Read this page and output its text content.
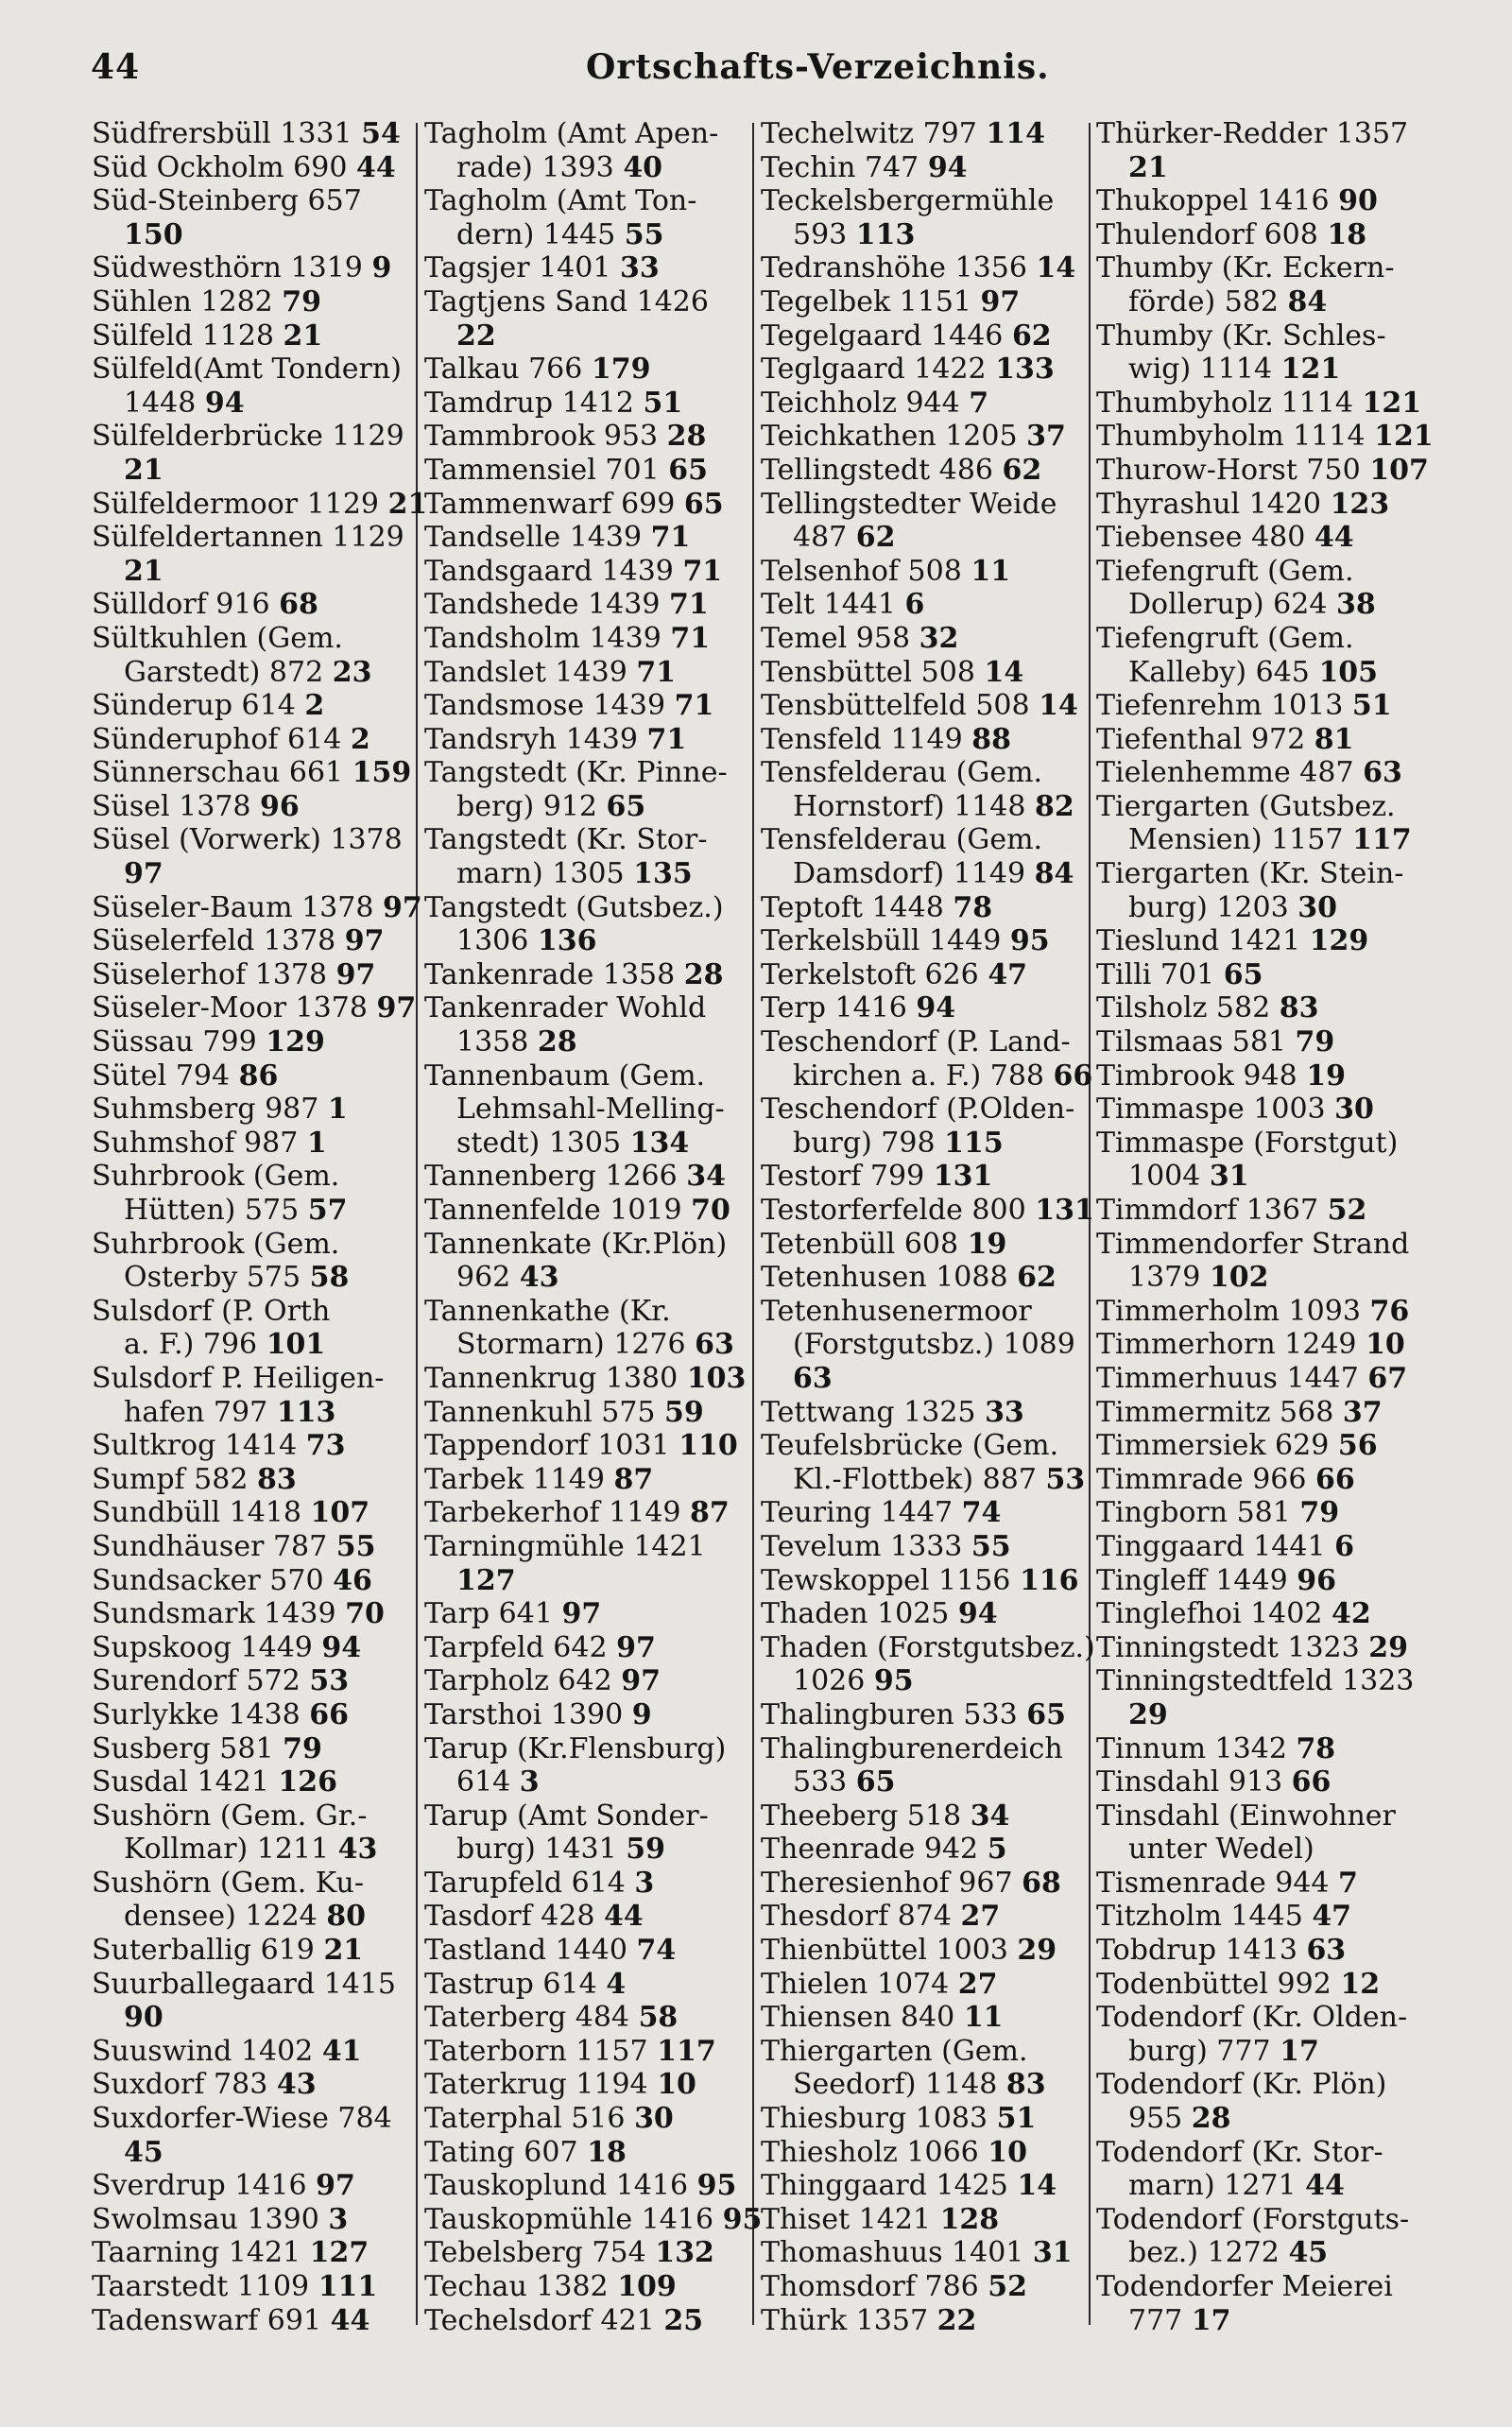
44	Ortschafts-Verzeichnis.
Südfrersbüll 1331 54
Süd Ockholm 690 44
Süd-Steinberg 657
150
Südwesthörn 1319 9
Sühlen 1282 79
Sülfeld 1128 21
Sülfeld(Amt Tondern)
1448 94
Sülfelderbrücke 1129
21
Sülfeldermoor 1129 21
Sülfeldertannen 1129
21
Sülldorf 916 68
Sültkuhlen (Gem.
Garstedt) 872 23
Sünderup 614 2
Sünderuphof 614 2
Sünnerschau 661 159
Süsel 1378 96
Süsel (Vorwerk) 1378
97
Süseler-Baum 1378 97
Süselerfeld 1378 97
Süselerhof 1378 97
Süseler-Moor 1378 97
Süssau 799 129
Sütel 794 86
Suhmsberg 987 1
Suhmshof 987 1
Suhrbrook (Gem.
Hütten) 575 57
Suhrbrook (Gem.
Osterby 575 58
Sulsdorf (P. Orth
a. F.) 796 101
Sulsdorf P. Heiligen-
hafen 797 113
Sultkrog 1414 73
Sumpf 582 83
Sundbüll 1418 107
Sundhäuser 787 55
Sundsacker 570 46
Sundsmark 1439 70
Supskoog 1449 94
Surendorf 572 53
Surlykke 1438 66
Susberg 581 79
Susdal 1421 126
Sushörn (Gem. Gr.-
Kollmar) 1211 43
Sushörn (Gem. Ku-
densee) 1224 80
Suterballig 619 21
Suurballegaard 1415
90
Suuswind 1402 41
Suxdorf 783 43
Suxdorfer-Wiese 784
45
Sverdrup 1416 97
Swolmsau 1390 3
Taarning 1421 127
Taarstedt 1109 111
Tadenswarf 691 44
Tagholm (Amt Apen-
rade) 1393 40
Tagholm (Amt Ton-
dern) 1445 55
Tagsjer 1401 33
Tagtjens Sand 1426
22
Talkau 766 179
Tamdrup 1412 51
Tammbrook 953 28
Tammensiel 701 65
Tammenwarf 699 65
Tandselle 1439 71
Tandsgaard 1439 71
Tandshede 1439 71
Tandsholm 1439 71
Tandslet 1439 71
Tandsmose 1439 71
Tandsryh 1439 71
Tangstedt (Kr. Pinne-
berg) 912 65
Tangstedt (Kr. Stor-
marn) 1305 135
Tangstedt (Gutsbez.)
1306 136
Tankenrade 1358 28
Tankenrader Wohld
1358 28
Tannenbaum (Gem.
Lehmsahl-Melling-
stedt) 1305 134
Tannenberg 1266 34
Tannenfelde 1019 70
Tannenkate (Kr.Plön)
962 43
Tannenkathe (Kr.
Stormarn) 1276 63
Tannenkrug 1380 103
Tannenkuhl 575 59
Tappendorf 1031 110
Tarbek 1149 87
Tarbekerhof 1149 87
Tarningmühle 1421
127
Tarp 641 97
Tarpfeld 642 97
Tarpholz 642 97
Tarsthoi 1390 9
Tarup (Kr.Flensburg)
614 3
Tarup (Amt Sonder-
burg) 1431 59
Tarupfeld 614 3
Tasdorf 428 44
Tastland 1440 74
Tastrup 614 4
Taterberg 484 58
Taterborn 1157 117
Taterkrug 1194 10
Taterphal 516 30
Tating 607 18
Tauskoplund 1416 95
Tauskopmühle 1416 95
Tebelsberg 754 132
Techau 1382 109
Techelsdorf 421 25
Techelwitz 797 114
Techin 747 94
Teckelsbergermühle
593 113
Tedranshöhe 1356 14
Tegelbek 1151 97
Tegelgaard 1446 62
Teglgaard 1422 133
Teichholz 944 7
Teichkathen 1205 37
Tellingstedt 486 62
Tellingstedter Weide
487 62
Telsenhof 508 11
Telt 1441 6
Temel 958 32
Tensbüttel 508 14
Tensbüttelfeld 508 14
Tensfeld 1149 88
Tensfelderau (Gem.
Hornstorf) 1148 82
Tensfelderau (Gem.
Damsdorf) 1149 84
Teptoft 1448 78
Terkelsbüll 1449 95
Terkelstoft 626 47
Terp 1416 94
Teschendorf (P. Land-
kirchen a. F.) 788 66
Teschendorf (P.Olden-
burg) 798 115
Testorf 799 131
Testorferfelde 800 131
Tetenbüll 608 19
Tetenhusen 1088 62
Tetenhusenermoor
(Forstgutsbz.) 1089
63
Tettwang 1325 33
Teufelsbrücke (Gem.
Kl.-Flottbek) 887 53
Teuring 1447 74
Tevelum 1333 55
Tewskoppel 1156 116
Thaden 1025 94
Thaden (Forstgutsbez.)
1026 95
Thalingburen 533 65
Thalingburenerdeich
533 65
Theeberg 518 34
Theenrade 942 5
Theresienhof 967 68
Thesdorf 874 27
Thienbüttel 1003 29
Thielen 1074 27
Thiensen 840 11
Thiergarten (Gem.
Seedorf) 1148 83
Thiesburg 1083 51
Thiesholz 1066 10
Thinggaard 1425 14
Thiset 1421 128
Thomashuus 1401 31
Thomsdorf 786 52
Thürk 1357 22
Thürker-Redder 1357
21
Thukoppel 1416 90
Thulendorf 608 18
Thumby (Kr. Eckern-
förde) 582 84
Thumby (Kr. Schles-
wig) 1114 121
Thumbyholz 1114 121
Thumbyholm 1114 121
Thurow-Horst 750 107
Thyrashul 1420 123
Tiebensee 480 44
Tiefengruft (Gem.
Dollerup) 624 38
Tiefengruft (Gem.
Kalleby) 645 105
Tiefenrehm 1013 51
Tiefenthal 972 81
Tielenhemme 487 63
Tiergarten (Gutsbez.
Mensien) 1157 117
Tiergarten (Kr. Stein-
burg) 1203 30
Tieslund 1421 129
Tilli 701 65
Tilsholz 582 83
Tilsmaas 581 79
Timbrook 948 19
Timmaspe 1003 30
Timmaspe (Forstgut)
1004 31
Timmdorf 1367 52
Timmendorfer Strand
1379 102
Timmerholm 1093 76
Timmerhorn 1249 10
Timmerhuus 1447 67
Timmermitz 568 37
Timmersiek 629 56
Timmrade 966 66
Tingborn 581 79
Tinggaard 1441 6
Tingleff 1449 96
Tinglefhoi 1402 42
Tinningstedt 1323 29
Tinningstedtfeld 1323
29
Tinnum 1342 78
Tinsdahl 913 66
Tinsdahl (Einwohner
unter Wedel)
Tismenrade 944 7
Titzholm 1445 47
Tobdrup 1413 63
Todenbüttel 992 12
Todendorf (Kr. Olden-
burg) 777 17
Todendorf (Kr. Plön)
955 28
Todendorf (Kr. Stor-
marn) 1271 44
Todendorf (Forstguts-
bez.) 1272 45
Todendorfer Meierei
777 17
